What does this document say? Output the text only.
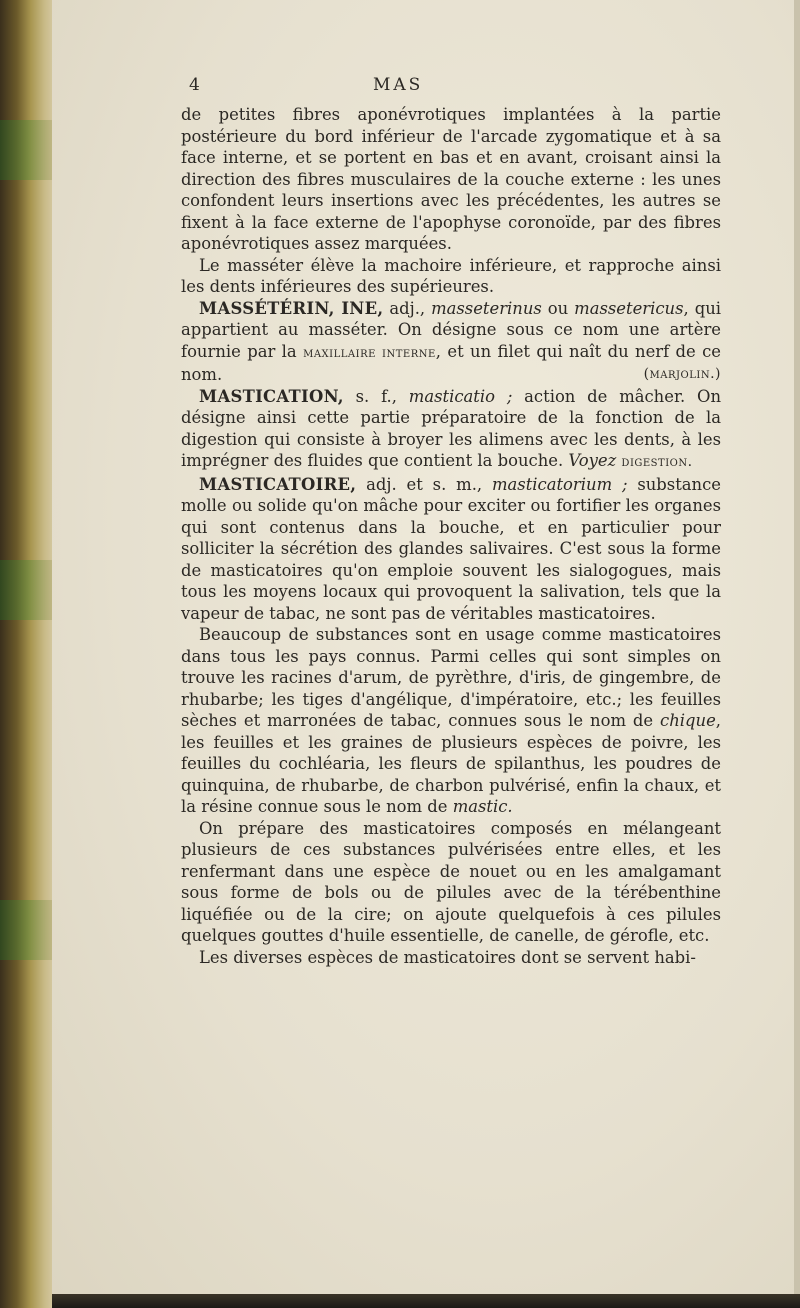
4	MAS

de petites fibres aponévrotiques implantées à la partie postérieure du bord inférieur de l'arcade zygomatique et à sa face interne, et se portent en bas et en avant, croisant ainsi la direction des fibres musculaires de la couche externe : les unes confondent leurs insertions avec les précédentes, les autres se fixent à la face externe de l'apophyse coronoïde, par des fibres aponévrotiques assez marquées.

Le masséter élève la machoire inférieure, et rapproche ainsi les dents inférieures des supérieures.

MASSÉTÉRIN, INE, adj., masseterinus ou massetericus, qui appartient au masséter. On désigne sous ce nom une artère fournie par la maxillaire interne, et un filet qui naît du nerf de ce nom.	(marjolin.)

MASTICATION, s. f., masticatio ; action de mâcher. On désigne ainsi cette partie préparatoire de la fonction de la digestion qui consiste à broyer les alimens avec les dents, à les imprégner des fluides que contient la bouche. Voyez digestion.

MASTICATOIRE, adj. et s. m., masticatorium ; substance molle ou solide qu'on mâche pour exciter ou fortifier les organes qui sont contenus dans la bouche, et en particulier pour solliciter la sécrétion des glandes salivaires. C'est sous la forme de masticatoires qu'on emploie souvent les sialogogues, mais tous les moyens locaux qui provoquent la salivation, tels que la vapeur de tabac, ne sont pas de véritables masticatoires.

Beaucoup de substances sont en usage comme masticatoires dans tous les pays connus. Parmi celles qui sont simples on trouve les racines d'arum, de pyrèthre, d'iris, de gingembre, de rhubarbe; les tiges d'angélique, d'impératoire, etc.; les feuilles sèches et marronées de tabac, connues sous le nom de chique, les feuilles et les graines de plusieurs espèces de poivre, les feuilles du cochléaria, les fleurs de spilanthus, les poudres de quinquina, de rhubarbe, de charbon pulvérisé, enfin la chaux, et la résine connue sous le nom de mastic.

On prépare des masticatoires composés en mélangeant plusieurs de ces substances pulvérisées entre elles, et les renfermant dans une espèce de nouet ou en les amalgamant sous forme de bols ou de pilules avec de la térébenthine liquéfiée ou de la cire; on ajoute quelquefois à ces pilules quelques gouttes d'huile essentielle, de canelle, de gérofle, etc.

Les diverses espèces de masticatoires dont se servent habi-
